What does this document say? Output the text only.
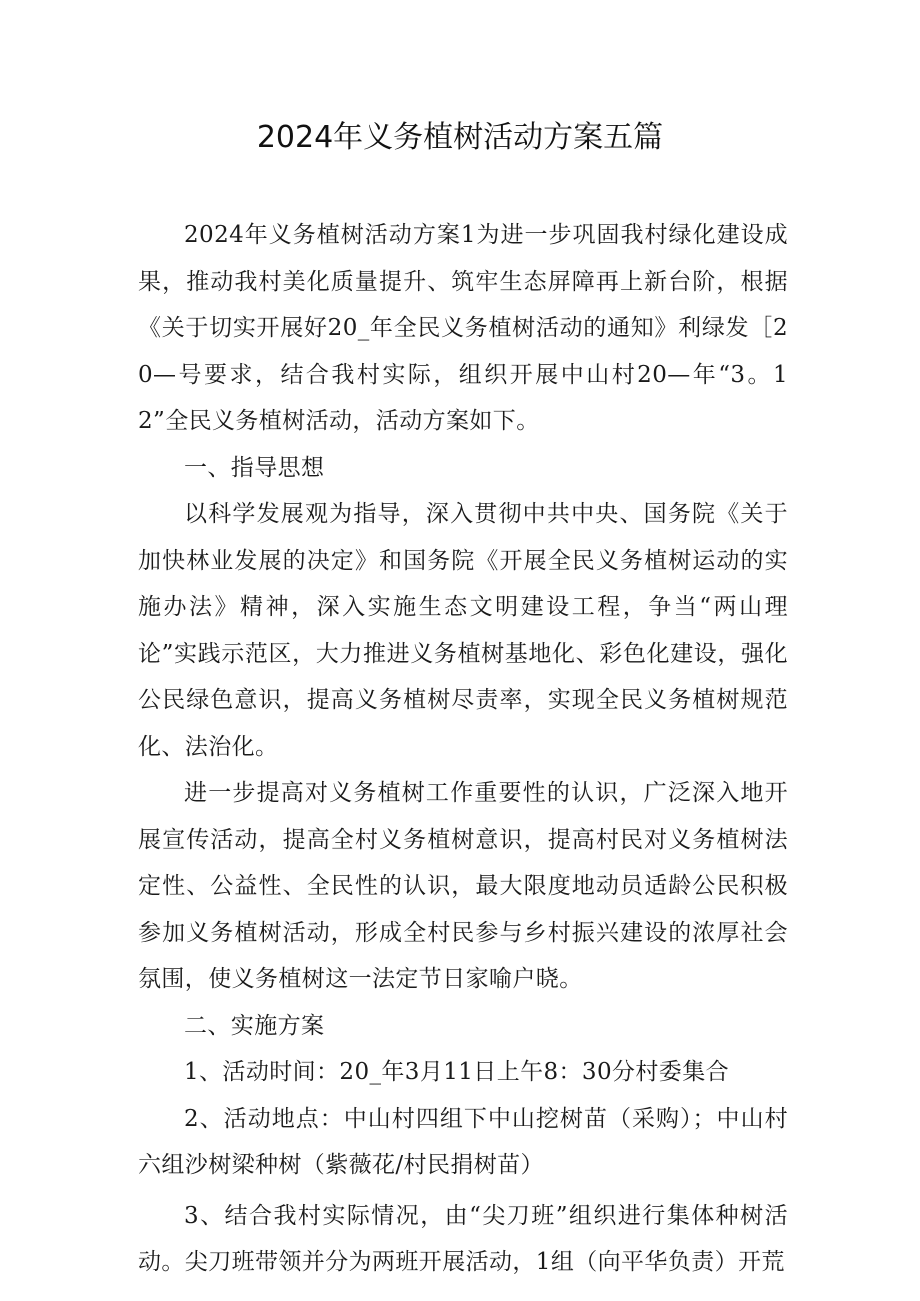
2024年义务植树活动方案五篇

2024年义务植树活动方案1为进一步巩固我村绿化建设成果，推动我村美化质量提升、筑牢生态屏障再上新台阶，根据《关于切实开展好20_年全民义务植树活动的通知》利绿发［20—号要求，结合我村实际，组织开展中山村20—年“3。12”全民义务植树活动，活动方案如下。

一、指导思想

以科学发展观为指导，深入贯彻中共中央、国务院《关于加快林业发展的决定》和国务院《开展全民义务植树运动的实施办法》精神，深入实施生态文明建设工程，争当“两山理论”实践示范区，大力推进义务植树基地化、彩色化建设，强化公民绿色意识，提高义务植树尽责率，实现全民义务植树规范化、法治化。

进一步提高对义务植树工作重要性的认识，广泛深入地开展宣传活动，提高全村义务植树意识，提高村民对义务植树法定性、公益性、全民性的认识，最大限度地动员适龄公民积极参加义务植树活动，形成全村民参与乡村振兴建设的浓厚社会氛围，使义务植树这一法定节日家喻户晓。

二、实施方案

1、活动时间：20_年3月11日上午8：30分村委集合

2、活动地点：中山村四组下中山挖树苗（采购）；中山村六组沙树梁种树（紫薇花/村民捐树苗）

3、结合我村实际情况，由“尖刀班”组织进行集体种树活动。尖刀班带领并分为两班开展活动，1组（向平华负责）开荒
